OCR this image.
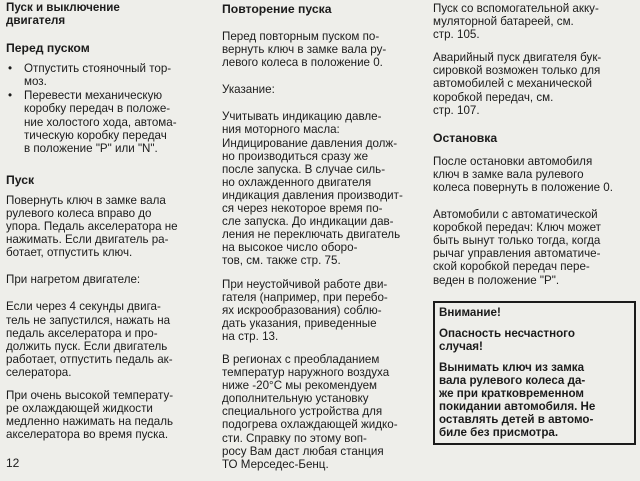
Пуск и выключение
двигателя
Перед пуском
• Отпустить стояночный тор-
моз.
• Перевести механическую
коробку передач в положе-
ние холостого хода, автома-
тическую коробку передач
в положение "P" или "N".
Пуск

Повернуть ключ в замке вала
рулевого колеса вправо до
упора. Педаль акселератора не
нажимать. Если двигатель ра-
ботает, отпустить ключ.

При нагретом двигателе:

Если через 4 секунды двига-
тель не запустился, нажать на
педаль акселератора и про-
должить пуск. Если двигатель
работает, отпустить педаль ак-
селератора.

При очень высокой температу-
ре охлаждающей жидкости
медленно нажимать на педаль
акселератора во время пуска.

Повторение пуска

Перед повторным пуском по-
вернуть ключ в замке вала ру-
левого колеса в положение 0.

Указание:

Учитывать индикацию давле-
ния моторного масла:
Индицирование давления долж-
но производиться сразу же
после запуска. В случае силь-
но охлажденного двигателя
индикация давления производит-
ся через некоторое время по-
сле запуска. До индикации дав-
ления не переключать двигатель
на высокое число оборо-
тов, см. также стр. 75.

При неустойчивой работе дви-
гателя (например, при перебо-
ях искрообразования) соблю-
дать указания, приведенные
на стр. 13.

В регионах с преобладанием
температур наружного воздуха
ниже -20°C мы рекомендуем
дополнительную установку
специального устройства для
подогрева охлаждающей жидко-
сти. Справку по этому воп-
росу Вам даст любая станция
ТО Мерседес-Бенц.

Пуск со вспомогательной акку-
муляторной батареей, см.
стр. 105.

Аварийный пуск двигателя бук-
сировкой возможен только для
автомобилей с механической
коробкой передач, см.
стр. 107.

Остановка

После остановки автомобиля
ключ в замке вала рулевого
колеса повернуть в положение 0.

Автомобили с автоматической
коробкой передач: Ключ может
быть вынут только тогда, когда
рычаг управления автоматиче-
ской коробкой передач пере-
веден в положение "P".

Внимание!
Опасность несчастного
случая!
Вынимать ключ из замка
вала рулевого колеса да-
же при кратковременном
покидании автомобиля. Не
оставлять детей в автомо-
биле без присмотра.
12
